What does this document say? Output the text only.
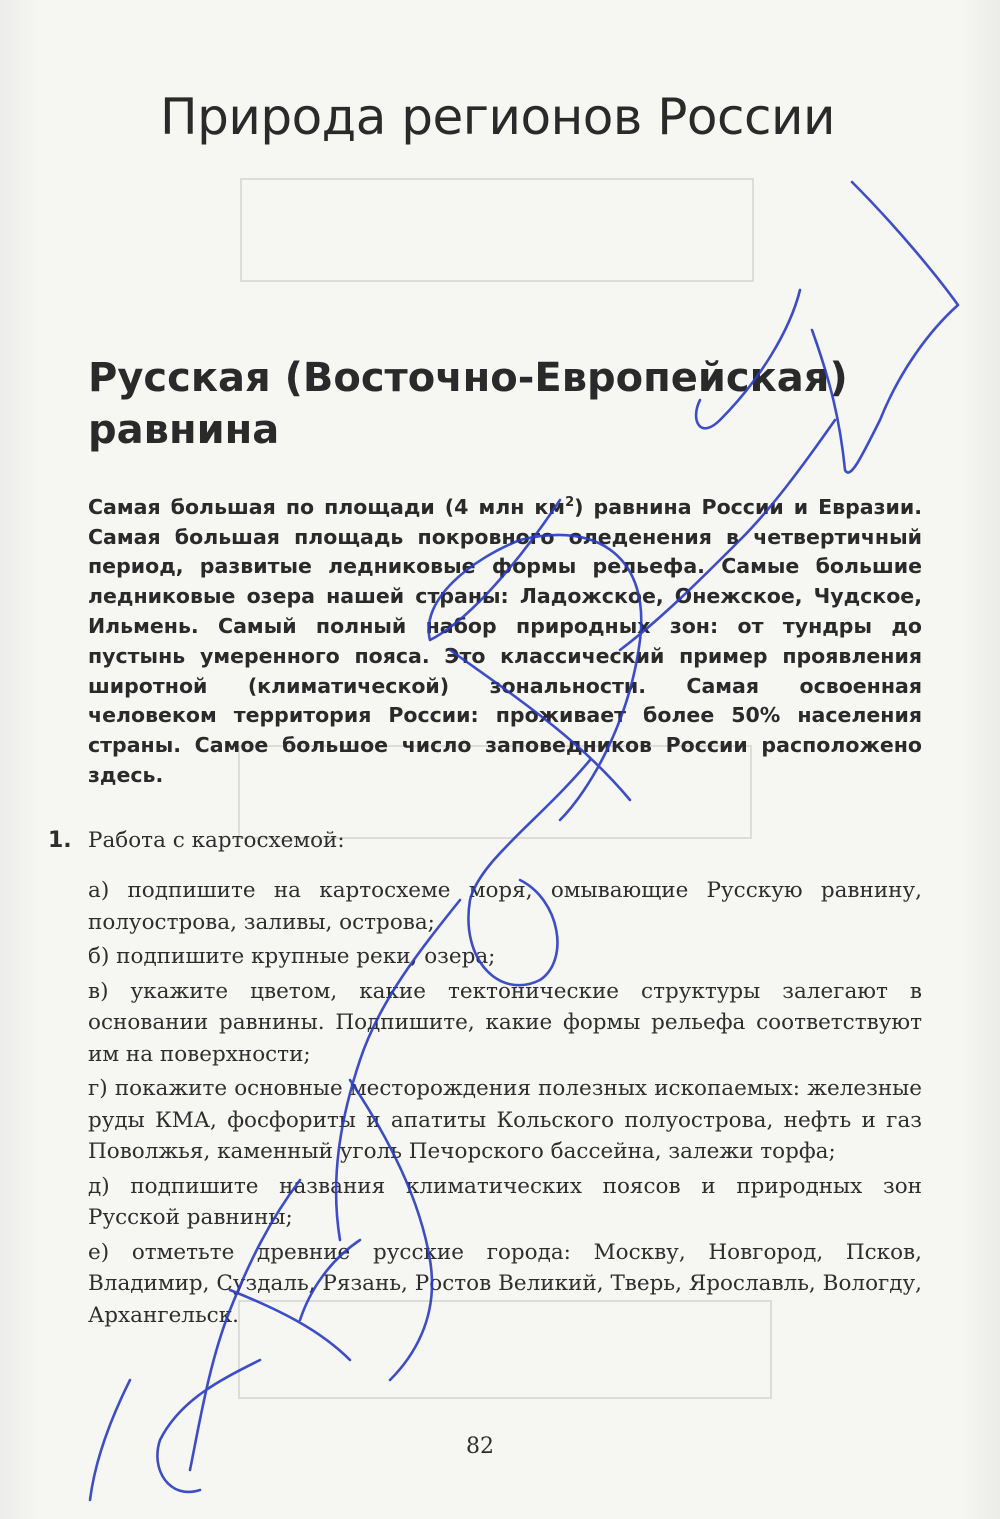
Природа регионов России
Русская (Восточно-Европейская) равнина

Самая большая по площади (4 млн $км^2$) равнина России и Евразии. Самая большая площадь покровного оледенения в четвертичный период, развитые ледниковые формы рельефа. Самые большие ледниковые озера нашей страны: Ладожское, Онежское, Чудское, Ильмень. Самый полный набор природных зон: от тундры до пустынь умеренного пояса. Это классический пример проявления широтной (климатической) зональности. Самая освоенная человеком территория России: проживает более 50% населения страны. Самое большое число заповедников России расположено здесь.

1. Работа с картосхемой:
а) подпишите на картосхеме моря, омывающие Русскую равнину, полуострова, заливы, острова;
б) подпишите крупные реки, озера;
в) укажите цветом, какие тектонические структуры залегают в основании равнины. Подпишите, какие формы рельефа соответствуют им на поверхности;
г) покажите основные месторождения полезных ископаемых: железные руды КМА, фосфориты и апатиты Кольского полуострова, нефть и газ Поволжья, каменный уголь Печорского бассейна, залежи торфа;
д) подпишите названия климатических поясов и природных зон Русской равнины;
е) отметьте древние русские города: Москву, Новгород, Псков, Владимир, Суздаль, Рязань, Ростов Великий, Тверь, Ярославль, Вологду, Архангельск.
82
